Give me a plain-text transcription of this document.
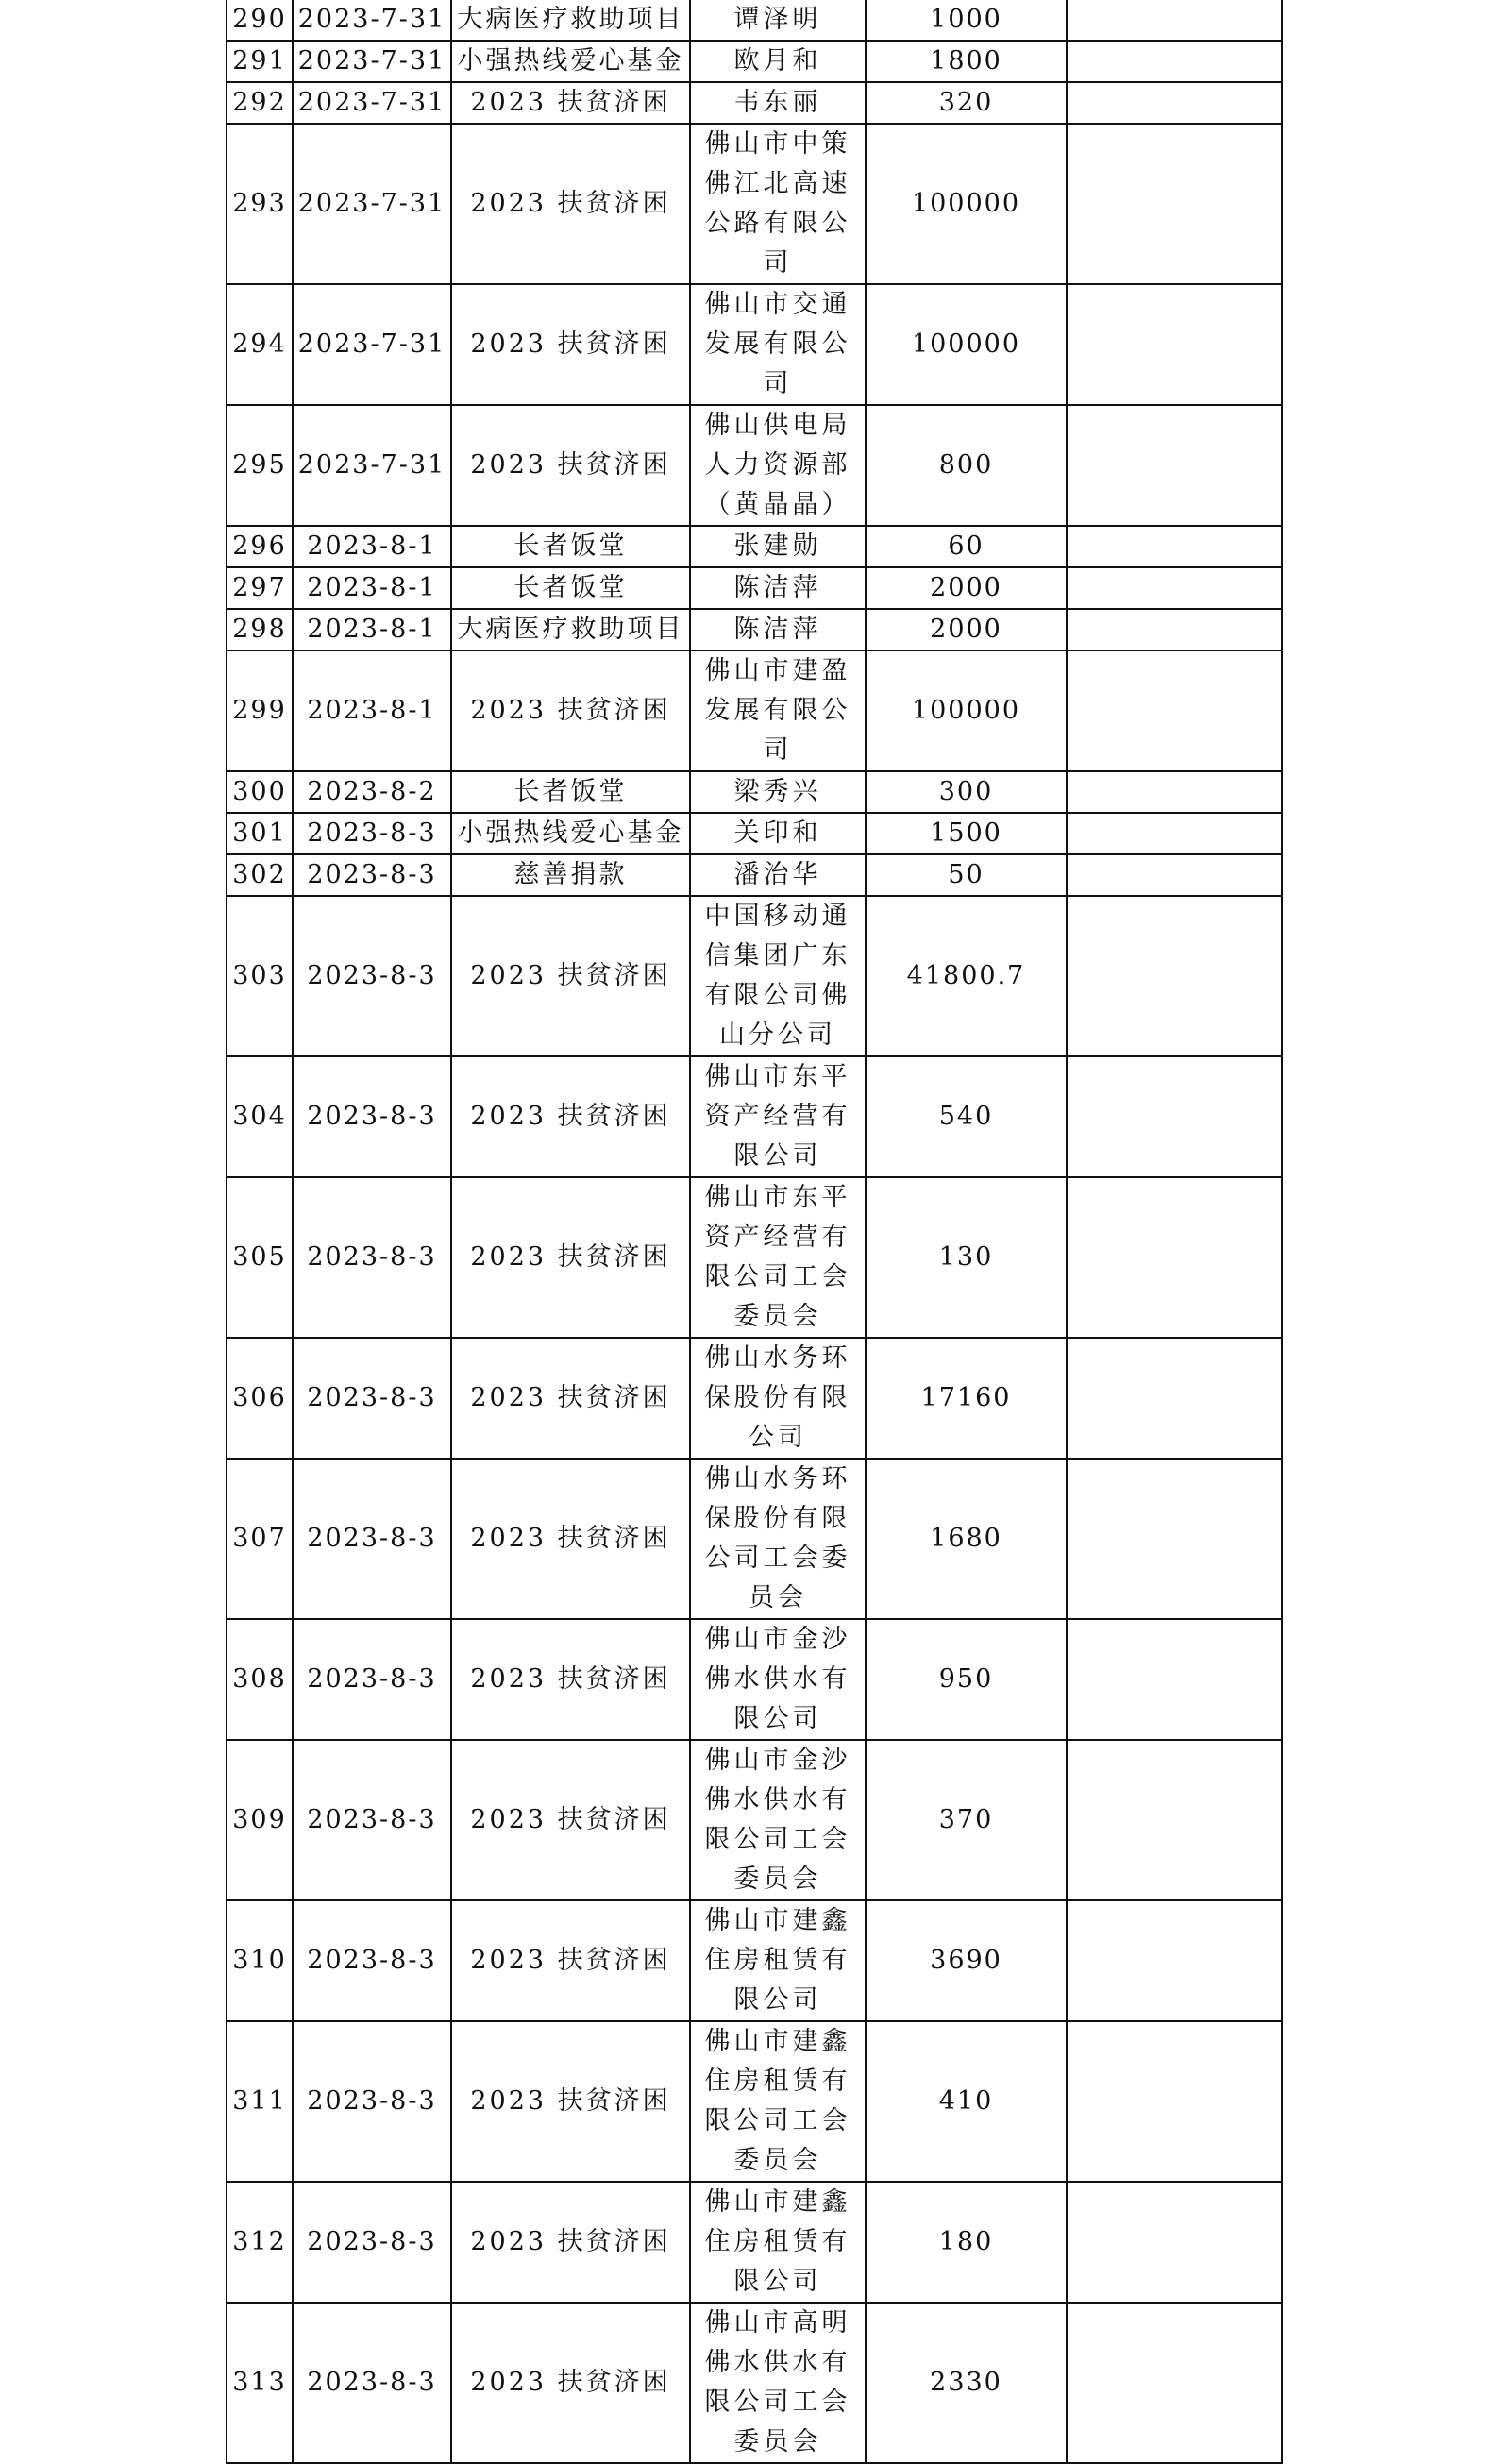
290	2023-7-31	大病医疗救助项目	谭泽明	1000	
291	2023-7-31	小强热线爱心基金	欧月和	1800	
292	2023-7-31	2023 扶贫济困	韦东丽	320	
293	2023-7-31	2023 扶贫济困	佛山市中策佛江北高速公路有限公司	100000	
294	2023-7-31	2023 扶贫济困	佛山市交通发展有限公司	100000	
295	2023-7-31	2023 扶贫济困	佛山供电局人力资源部（黄晶晶）	800	
296	2023-8-1	长者饭堂	张建勋	60	
297	2023-8-1	长者饭堂	陈洁萍	2000	
298	2023-8-1	大病医疗救助项目	陈洁萍	2000	
299	2023-8-1	2023 扶贫济困	佛山市建盈发展有限公司	100000	
300	2023-8-2	长者饭堂	梁秀兴	300	
301	2023-8-3	小强热线爱心基金	关印和	1500	
302	2023-8-3	慈善捐款	潘治华	50	
303	2023-8-3	2023 扶贫济困	中国移动通信集团广东有限公司佛山分公司	41800.7	
304	2023-8-3	2023 扶贫济困	佛山市东平资产经营有限公司	540	
305	2023-8-3	2023 扶贫济困	佛山市东平资产经营有限公司工会委员会	130	
306	2023-8-3	2023 扶贫济困	佛山水务环保股份有限公司	17160	
307	2023-8-3	2023 扶贫济困	佛山水务环保股份有限公司工会委员会	1680	
308	2023-8-3	2023 扶贫济困	佛山市金沙佛水供水有限公司	950	
309	2023-8-3	2023 扶贫济困	佛山市金沙佛水供水有限公司工会委员会	370	
310	2023-8-3	2023 扶贫济困	佛山市建鑫住房租赁有限公司	3690	
311	2023-8-3	2023 扶贫济困	佛山市建鑫住房租赁有限公司工会委员会	410	
312	2023-8-3	2023 扶贫济困	佛山市建鑫住房租赁有限公司	180	
313	2023-8-3	2023 扶贫济困	佛山市高明佛水供水有限公司工会委员会	2330	
